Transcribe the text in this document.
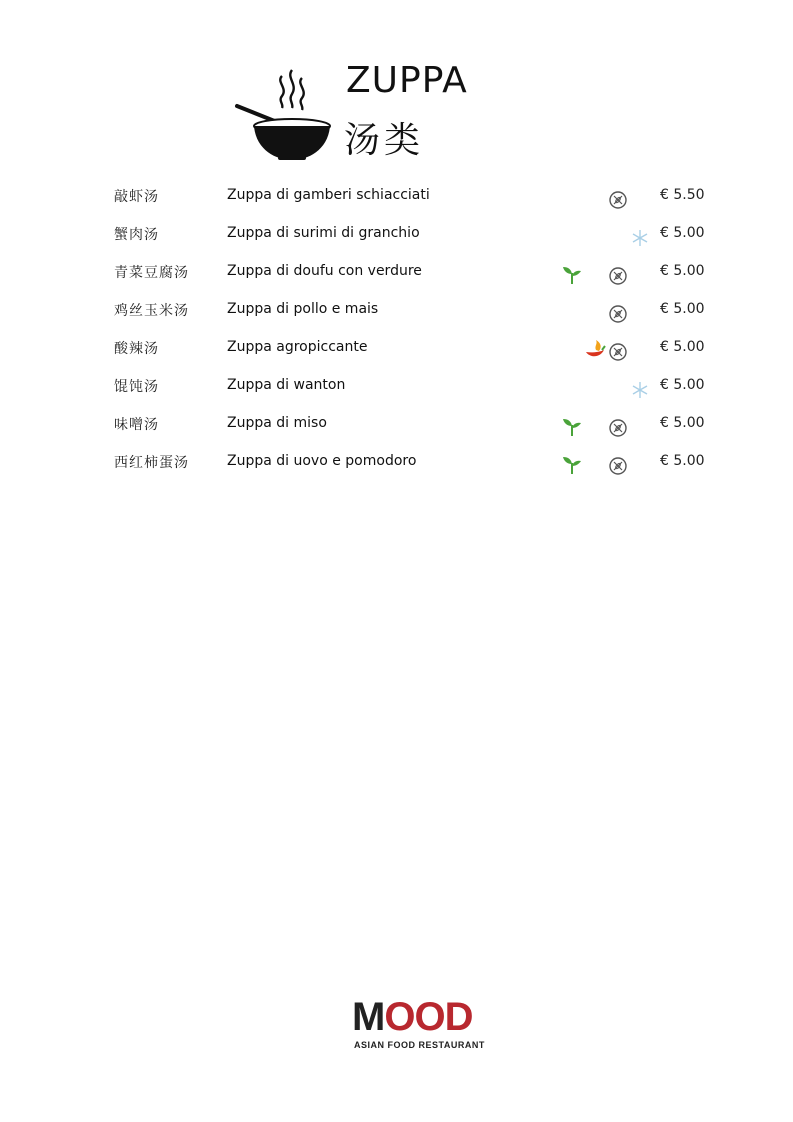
ZUPPA
汤类
敲虾汤	Zuppa di gamberi schiacciati	€ 5.50
蟹肉汤	Zuppa di surimi di granchio	€ 5.00
青菜豆腐汤	Zuppa di doufu con verdure	€ 5.00
鸡丝玉米汤	Zuppa di pollo e mais	€ 5.00
酸辣汤	Zuppa agropiccante	€ 5.00
馄饨汤	Zuppa di wanton	€ 5.00
味噌汤	Zuppa di miso	€ 5.00
西红柿蛋汤	Zuppa di uovo e pomodoro	€ 5.00
MOOD
ASIAN FOOD RESTAURANT
